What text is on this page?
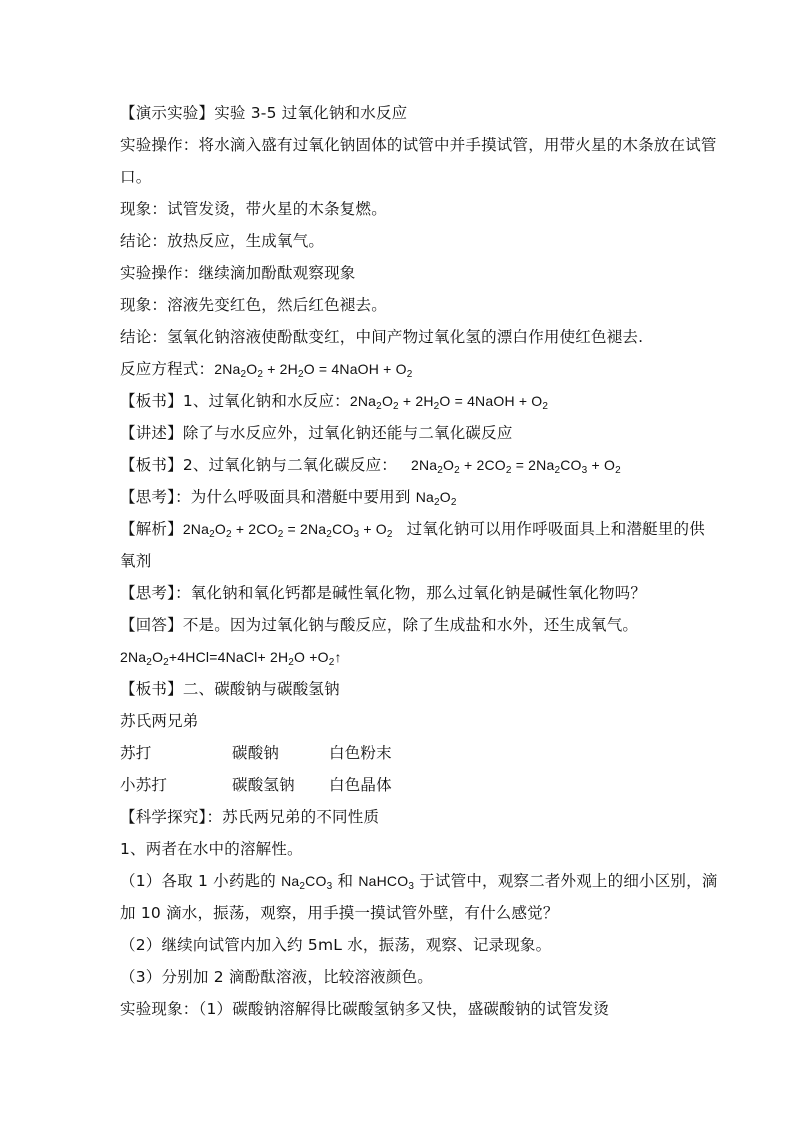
【演示实验】实验 3-5 过氧化钠和水反应
实验操作：将水滴入盛有过氧化钠固体的试管中并手摸试管，用带火星的木条放在试管口。
现象：试管发烫，带火星的木条复燃。
结论：放热反应，生成氧气。
实验操作：继续滴加酚酞观察现象
现象：溶液先变红色，然后红色褪去。
结论：氢氧化钠溶液使酚酞变红，中间产物过氧化氢的漂白作用使红色褪去.
反应方程式：$2Na_2O_2 + 2H_2O$ = 4NaOH + $O_2$
【板书】1、过氧化钠和水反应：$2Na_2O_2 + 2H_2O$ = 4NaOH + $O_2$
【讲述】除了与水反应外，过氧化钠还能与二氧化碳反应
【板书】2、过氧化钠与二氧化碳反应： $2Na_2O_2 + 2CO_2 = 2Na_2CO_3 + O_2$
【思考】：为什么呼吸面具和潜艇中要用到 $Na_2O_2$
【解析】$2Na_2O_2 + 2CO_2 = 2Na_2CO_3 + O_2$ 过氧化钠可以用作呼吸面具上和潜艇里的供氧剂
【思考】：氧化钠和氧化钙都是碱性氧化物，那么过氧化钠是碱性氧化物吗？
【回答】不是。因为过氧化钠与酸反应，除了生成盐和水外，还生成氧气。
$2Na_2O_2+4HCl=4NaCl+ 2H_2O$ $+O_2↑$
【板书】二、碳酸钠与碳酸氢钠
苏氏两兄弟
苏打	碳酸钠	白色粉末
小苏打	碳酸氢钠	白色晶体
【科学探究】：苏氏两兄弟的不同性质
1、两者在水中的溶解性。
（1）各取 1 小药匙的 $Na_2CO_3$ 和 NaHCO$_3$ 于试管中，观察二者外观上的细小区别，滴加 10 滴水，振荡，观察，用手摸一摸试管外壁，有什么感觉？
（2）继续向试管内加入约 5mL 水，振荡，观察、记录现象。
（3）分别加 2 滴酚酞溶液，比较溶液颜色。
实验现象：（1）碳酸钠溶解得比碳酸氢钠多又快，盛碳酸钠的试管发烫
